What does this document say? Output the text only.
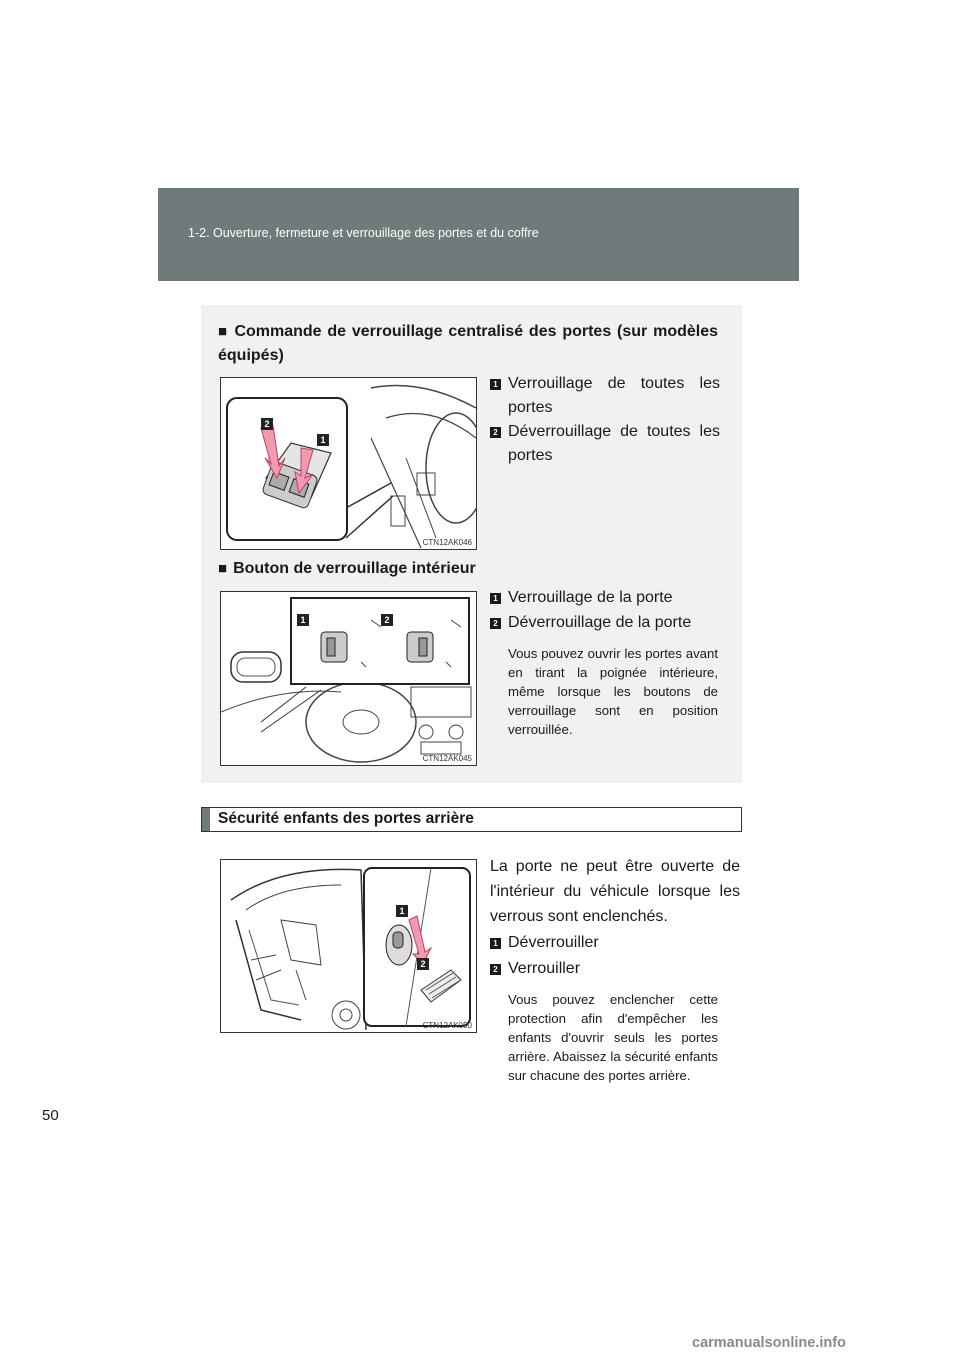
1-2. Ouverture, fermeture et verrouillage des portes et du coffre
■ Commande de verrouillage centralisé des portes (sur modèles équipés)
2
1
CTN12AK046
1 Verrouillage de toutes les portes
2 Déverrouillage de toutes les portes
■ Bouton de verrouillage intérieur
1	2
CTN12AK045
1 Verrouillage de la porte
2 Déverrouillage de la porte
Vous pouvez ouvrir les portes avant en tirant la poignée intérieure, même lorsque les boutons de verrouillage sont en position verrouillée.
Sécurité enfants des portes arrière
1
2
CTN12AK050
La porte ne peut être ouverte de l'intérieur du véhicule lorsque les verrous sont enclenchés.
1 Déverrouiller
2 Verrouiller
Vous pouvez enclencher cette protection afin d'empêcher les enfants d'ouvrir seuls les portes arrière. Abaissez la sécurité enfants sur chacune des portes arrière.
50
carmanualsonline.info
